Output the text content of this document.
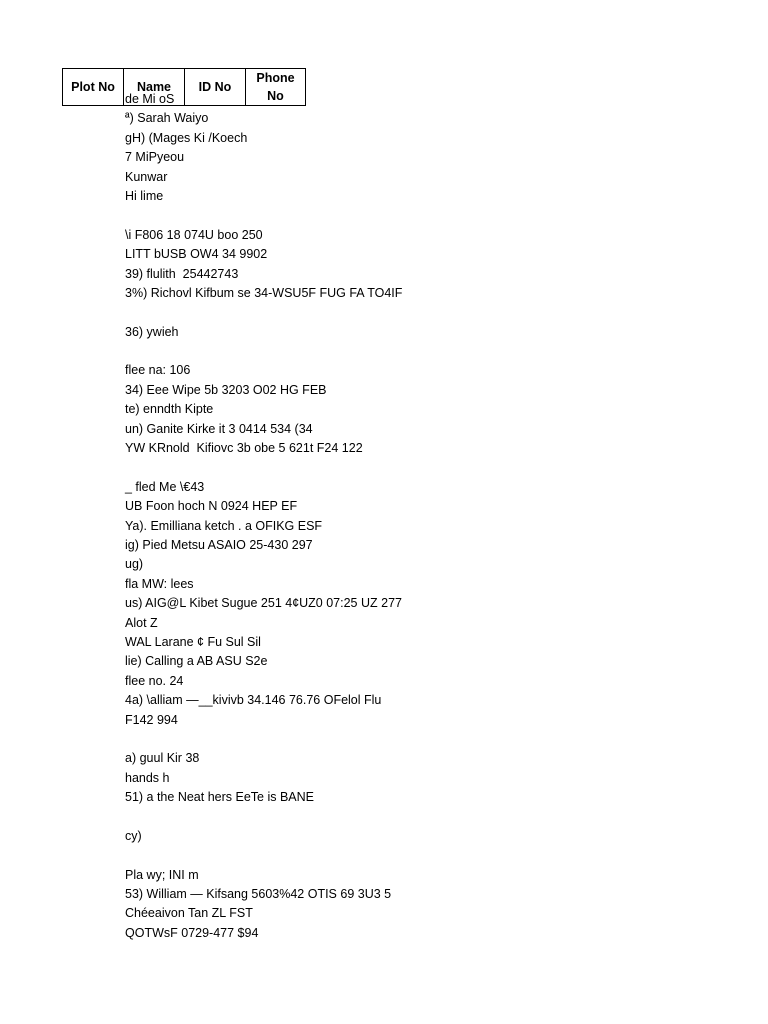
Plot No	Name	ID No	Phone No
de Mi oS
ª) Sarah Waiyo
gH) (Mages Ki /Koech
7 MiPyeou
Kunwar
Hi lime
\i F806 18 074U boo 250
LITT bUSB OW4 34 9902
39) flulith  25442743
3%) Richovl Kifbum se 34-WSU5F FUG FA TO4IF
36) ywieh
flee na: 106
34) Eee Wipe 5b 3203 O02 HG FEB
te) enndth Kipte
un) Ganite Kirke it 3 0414 534 (34
YW KRnold  Kifiovc 3b obe 5 621t F24 122
_ fled Me \€43
UB Foon hoch N 0924 HEP EF
Ya). Emilliana ketch . a OFIKG ESF
ig) Pied Metsu ASAIO 25-430 297
ug)
fla MW: lees
us) AIG@L Kibet Sugue 251 4¢UZ0 07:25 UZ 277
Alot Z
WAL Larane ¢ Fu Sul Sil
lie) Calling a AB ASU S2e
flee no. 24
4a) \alliam —__kivivb 34.146 76.76 OFelol Flu
F142 994
a) guul Kir 38
hands h
51) a the Neat hers EeTe is BANE
cy)
Pla wy; INI m
53) William — Kifsang 5603%42 OTIS 69 3U3 5
Chéeaivon Tan ZL FST
QOTWsF 0729-477 $94
